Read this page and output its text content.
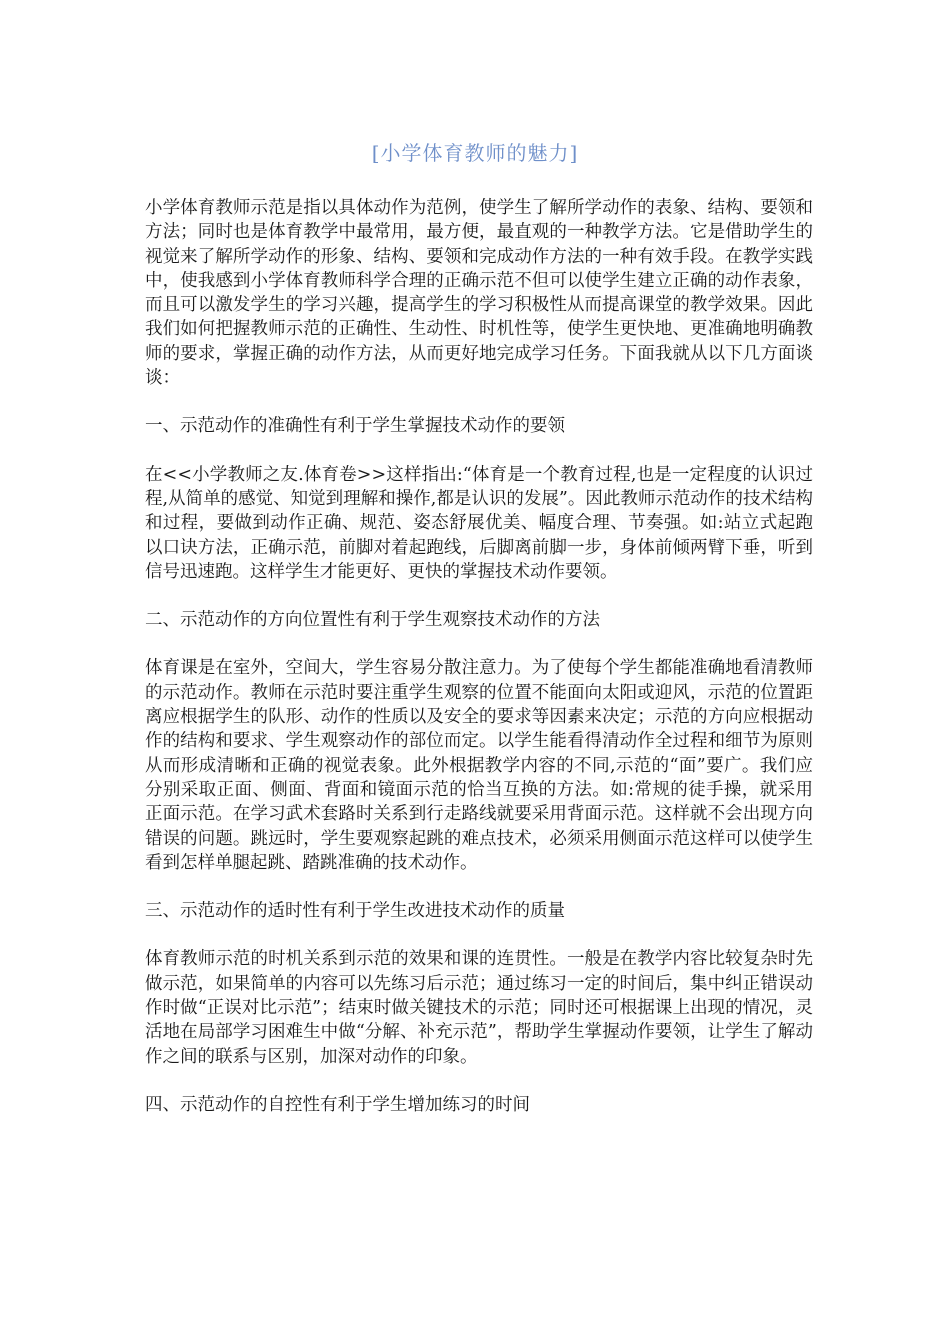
[小学体育教师的魅力]

小学体育教师示范是指以具体动作为范例，使学生了解所学动作的表象、结构、要领和方法；同时也是体育教学中最常用，最方便，最直观的一种教学方法。它是借助学生的视觉来了解所学动作的形象、结构、要领和完成动作方法的一种有效手段。在教学实践中，使我感到小学体育教师科学合理的正确示范不但可以使学生建立正确的动作表象，而且可以激发学生的学习兴趣，提高学生的学习积极性从而提高课堂的教学效果。因此我们如何把握教师示范的正确性、生动性、时机性等，使学生更快地、更准确地明确教师的要求，掌握正确的动作方法，从而更好地完成学习任务。下面我就从以下几方面谈谈：

一、示范动作的准确性有利于学生掌握技术动作的要领

在<<小学教师之友.体育卷>>这样指出:“体育是一个教育过程,也是一定程度的认识过程,从简单的感觉、知觉到理解和操作,都是认识的发展”。因此教师示范动作的技术结构和过程，要做到动作正确、规范、姿态舒展优美、幅度合理、节奏强。如:站立式起跑以口诀方法，正确示范，前脚对着起跑线，后脚离前脚一步，身体前倾两臂下垂，听到信号迅速跑。这样学生才能更好、更快的掌握技术动作要领。

二、示范动作的方向位置性有利于学生观察技术动作的方法

体育课是在室外，空间大，学生容易分散注意力。为了使每个学生都能准确地看清教师的示范动作。教师在示范时要注重学生观察的位置不能面向太阳或迎风，示范的位置距离应根据学生的队形、动作的性质以及安全的要求等因素来决定；示范的方向应根据动作的结构和要求、学生观察动作的部位而定。以学生能看得清动作全过程和细节为原则从而形成清晰和正确的视觉表象。此外根据教学内容的不同,示范的“面”要广。我们应分别采取正面、侧面、背面和镜面示范的恰当互换的方法。如:常规的徒手操，就采用正面示范。在学习武术套路时关系到行走路线就要采用背面示范。这样就不会出现方向错误的问题。跳远时，学生要观察起跳的难点技术，必须采用侧面示范这样可以使学生看到怎样单腿起跳、踏跳准确的技术动作。

三、示范动作的适时性有利于学生改进技术动作的质量

体育教师示范的时机关系到示范的效果和课的连贯性。一般是在教学内容比较复杂时先做示范，如果简单的内容可以先练习后示范；通过练习一定的时间后，集中纠正错误动作时做“正误对比示范”；结束时做关键技术的示范；同时还可根据课上出现的情况，灵活地在局部学习困难生中做“分解、补充示范”，帮助学生掌握动作要领，让学生了解动作之间的联系与区别，加深对动作的印象。

四、示范动作的自控性有利于学生增加练习的时间
